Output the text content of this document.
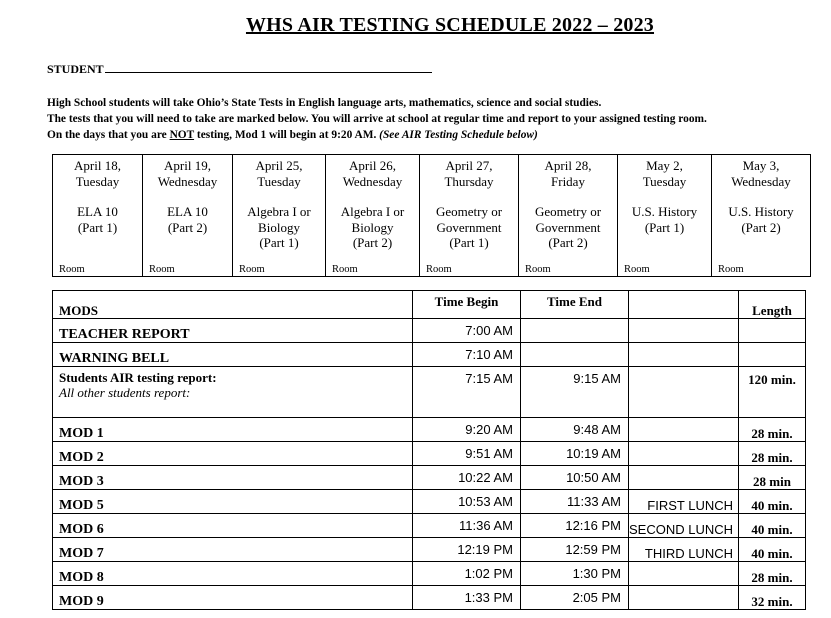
WHS AIR TESTING SCHEDULE 2022 – 2023
STUDENT
High School students will take Ohio’s State Tests in English language arts, mathematics, science and social studies.
The tests that you will need to take are marked below. You will arrive at school at regular time and report to your assigned testing room.
On the days that you are NOT testing, Mod 1 will begin at 9:20 AM. (See AIR Testing Schedule below)
April 18,
Tuesday
ELA 10
(Part 1)
Room

April 19,
Wednesday
ELA 10
(Part 2)
Room

April 25,
Tuesday
Algebra I or
Biology
(Part 1)
Room

April 26,
Wednesday
Algebra I or
Biology
(Part 2)
Room

April 27,
Thursday
Geometry or
Government
(Part 1)
Room

April 28,
Friday
Geometry or
Government
(Part 2)
Room

May 2,
Tuesday
U.S. History
(Part 1)
Room

May 3,
Wednesday
U.S. History
(Part 2)
Room
MODS	Time Begin	Time End		Length
TEACHER REPORT	7:00 AM			
WARNING BELL	7:10 AM			
Students AIR testing report:
All other students report:	7:15 AM	9:15 AM		120 min.
MOD 1	9:20 AM	9:48 AM		28 min.
MOD 2	9:51 AM	10:19 AM		28 min.
MOD 3	10:22 AM	10:50 AM		28 min
MOD 5	10:53 AM	11:33 AM	FIRST LUNCH	40 min.
MOD 6	11:36 AM	12:16 PM	SECOND LUNCH	40 min.
MOD 7	12:19 PM	12:59 PM	THIRD LUNCH	40 min.
MOD 8	1:02 PM	1:30 PM		28 min.
MOD 9	1:33 PM	2:05 PM		32 min.
